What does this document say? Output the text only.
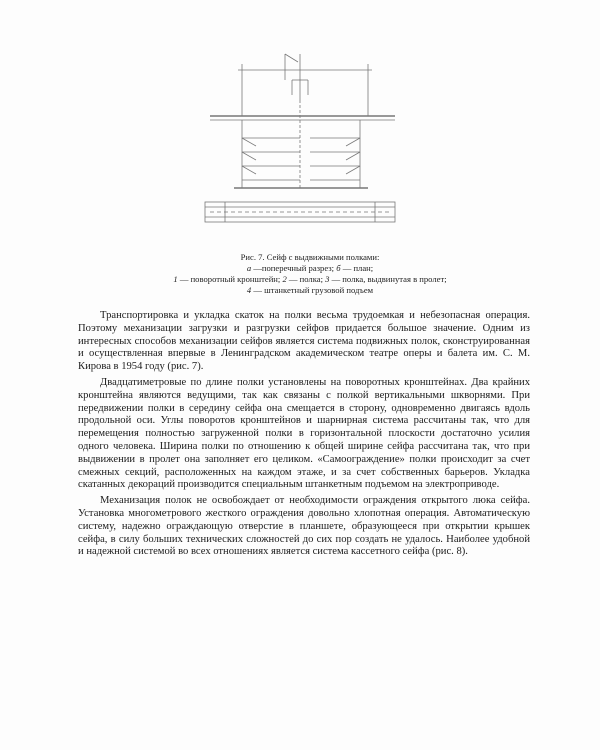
Рис. 7. Сейф с выдвижными полками:
а —поперечный разрез; б — план;
1 — поворотный кронштейн; 2 — полка; 3 — полка, выдвинутая в пролет;
4 — штанкетный грузовой подъем

Транспортировка и укладка скаток на полки весьма трудоемкая и небезопасная операция. Поэтому механизации загрузки и разгрузки сейфов придается большое значение. Одним из интересных способов механизации сейфов является система подвижных полок, сконструированная и осуществленная впервые в Ленинградском академическом театре оперы и балета им. С. М. Кирова в 1954 году (рис. 7).

Двадцатиметровые по длине полки установлены на поворотных кронштейнах. Два крайних кронштейна являются ведущими, так как связаны с полкой вертикальными шкворнями. При передвижении полки в середину сейфа она смещается в сторону, одновременно двигаясь вдоль продольной оси. Углы поворотов кронштейнов и шарнирная система рассчитаны так, что для перемещения полностью загруженной полки в горизонтальной плоскости достаточно усилия одного человека. Ширина полки по отношению к общей ширине сейфа рассчитана так, что при выдвижении в пролет она заполняет его целиком. «Самоограждение» полки происходит за счет смежных секций, расположенных на каждом этаже, и за счет собственных барьеров. Укладка скатанных декораций производится специальным штанкетным подъемом на электроприводе.

Механизация полок не освобождает от необходимости ограждения открытого люка сейфа. Установка многометрового жесткого ограждения довольно хлопотная операция. Автоматическую систему, надежно ограждающую отверстие в планшете, образующееся при открытии крышек сейфа, в силу больших технических сложностей до сих пор создать не удалось. Наиболее удобной и надежной системой во всех отношениях является система кассетного сейфа (рис. 8).
